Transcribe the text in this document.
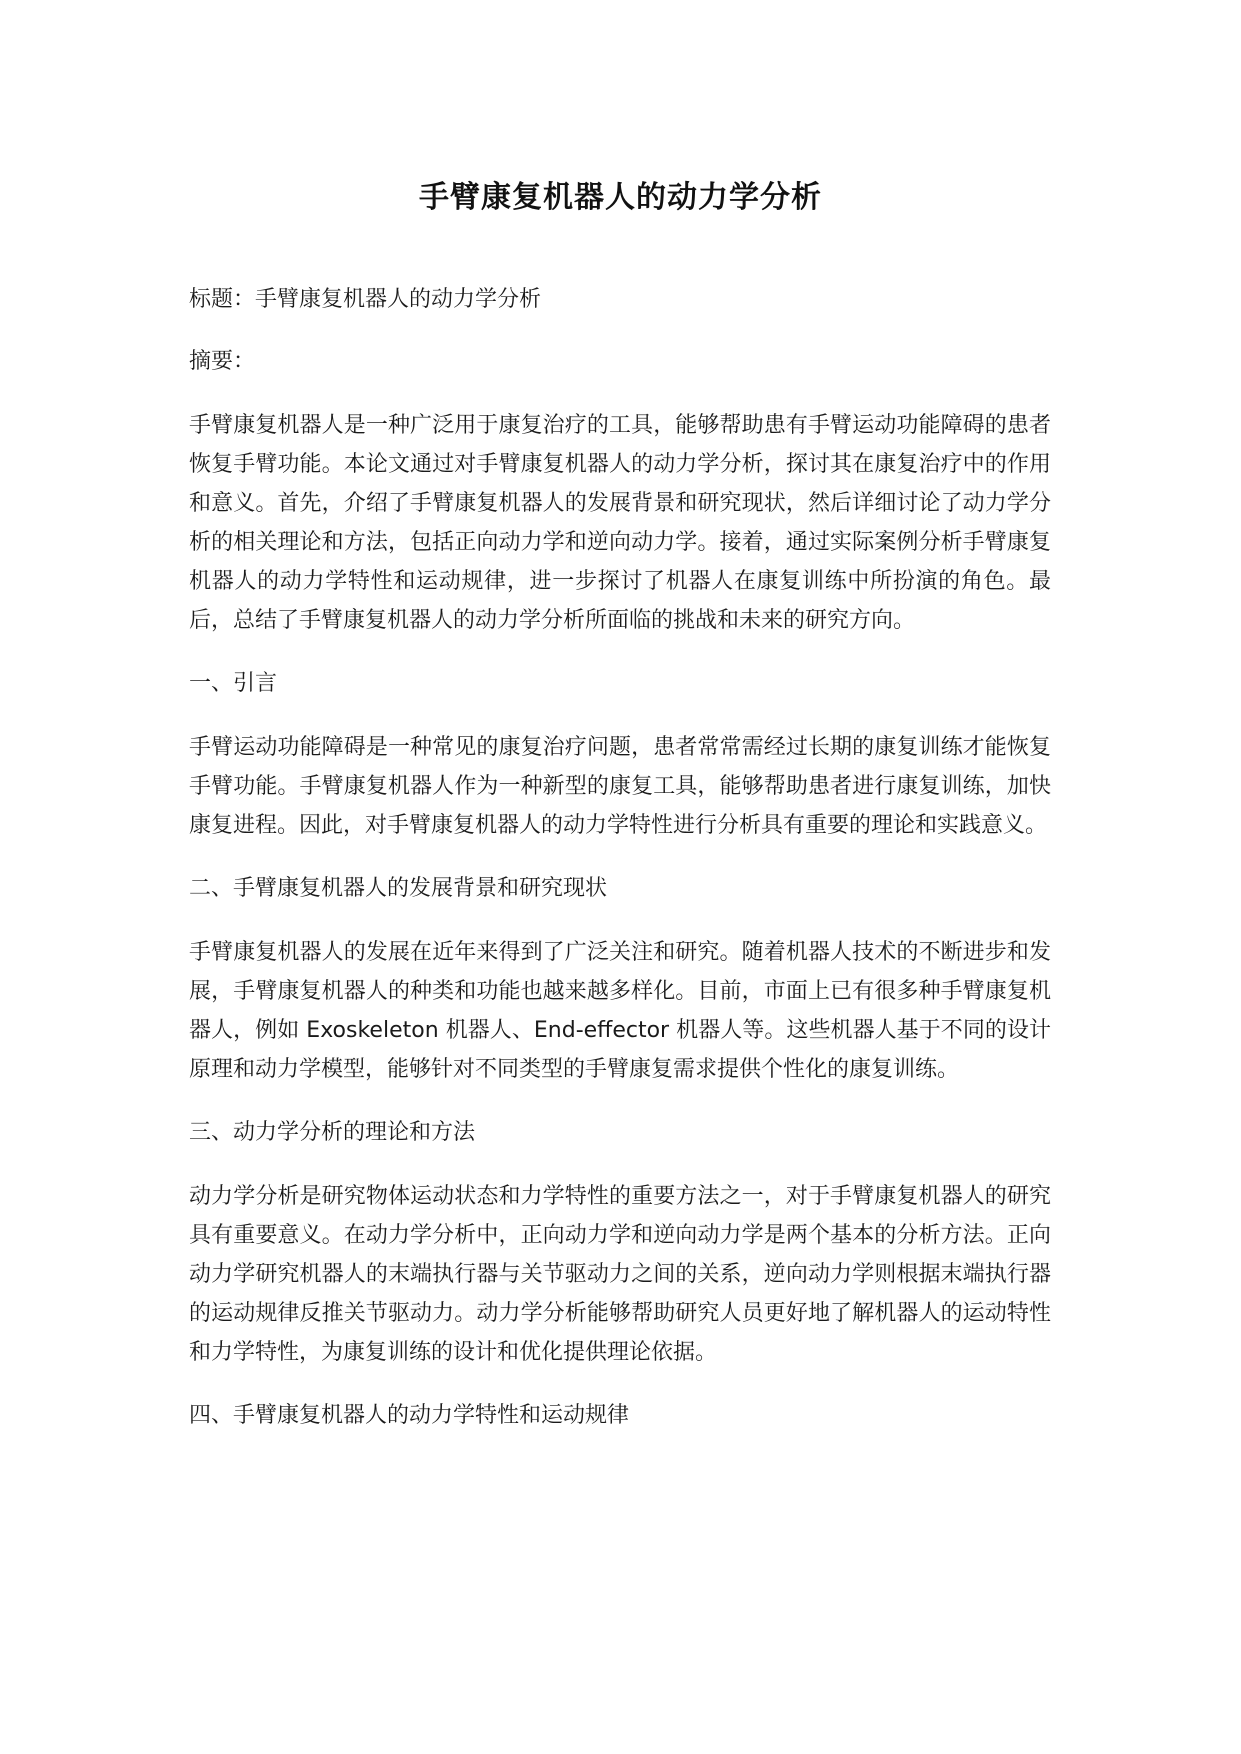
手臂康复机器人的动力学分析

标题：手臂康复机器人的动力学分析

摘要：

手臂康复机器人是一种广泛用于康复治疗的工具，能够帮助患有手臂运动功能障碍的患者恢复手臂功能。本论文通过对手臂康复机器人的动力学分析，探讨其在康复治疗中的作用和意义。首先，介绍了手臂康复机器人的发展背景和研究现状，然后详细讨论了动力学分析的相关理论和方法，包括正向动力学和逆向动力学。接着，通过实际案例分析手臂康复机器人的动力学特性和运动规律，进一步探讨了机器人在康复训练中所扮演的角色。最后，总结了手臂康复机器人的动力学分析所面临的挑战和未来的研究方向。

一、引言

手臂运动功能障碍是一种常见的康复治疗问题，患者常常需经过长期的康复训练才能恢复手臂功能。手臂康复机器人作为一种新型的康复工具，能够帮助患者进行康复训练，加快康复进程。因此，对手臂康复机器人的动力学特性进行分析具有重要的理论和实践意义。

二、手臂康复机器人的发展背景和研究现状

手臂康复机器人的发展在近年来得到了广泛关注和研究。随着机器人技术的不断进步和发展，手臂康复机器人的种类和功能也越来越多样化。目前，市面上已有很多种手臂康复机器人，例如 Exoskeleton 机器人、End-effector 机器人等。这些机器人基于不同的设计原理和动力学模型，能够针对不同类型的手臂康复需求提供个性化的康复训练。

三、动力学分析的理论和方法

动力学分析是研究物体运动状态和力学特性的重要方法之一，对于手臂康复机器人的研究具有重要意义。在动力学分析中，正向动力学和逆向动力学是两个基本的分析方法。正向动力学研究机器人的末端执行器与关节驱动力之间的关系，逆向动力学则根据末端执行器的运动规律反推关节驱动力。动力学分析能够帮助研究人员更好地了解机器人的运动特性和力学特性，为康复训练的设计和优化提供理论依据。

四、手臂康复机器人的动力学特性和运动规律
